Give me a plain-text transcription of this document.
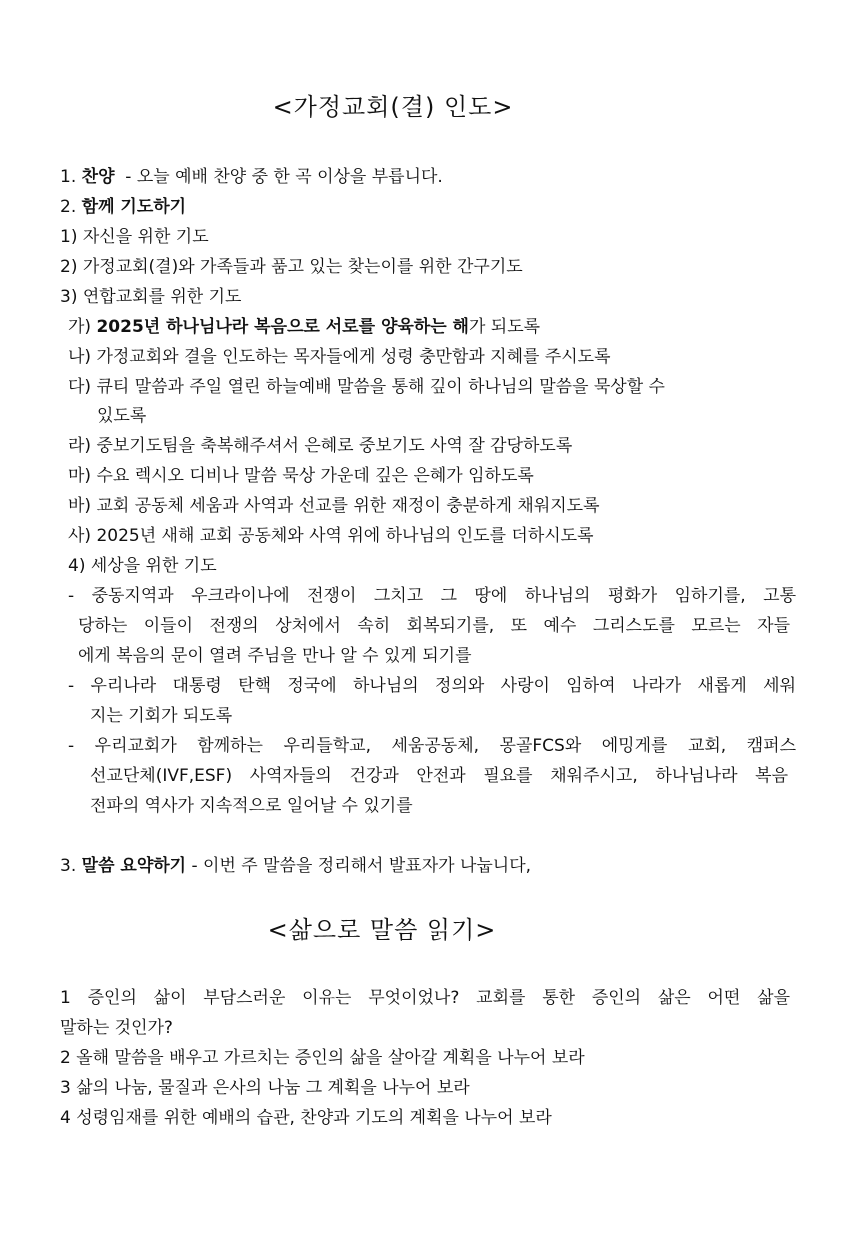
<가정교회(결) 인도>

1. 찬양  - 오늘 예배 찬양 중 한 곡 이상을 부릅니다.

2. 함께 기도하기

1) 자신을 위한 기도

2) 가정교회(결)와 가족들과 품고 있는 찾는이를 위한 간구기도

3) 연합교회를 위한 기도

가) 2025년 하나님나라 복음으로 서로를 양육하는 해가 되도록

나) 가정교회와 결을 인도하는 목자들에게 성령 충만함과 지혜를 주시도록

다) 큐티 말씀과 주일 열린 하늘예배 말씀을 통해 깊이 하나님의 말씀을 묵상할 수

있도록

라) 중보기도팀을 축복해주셔서 은혜로 중보기도 사역 잘 감당하도록

마) 수요 렉시오 디비나 말씀 묵상 가운데 깊은 은혜가 임하도록

바) 교회 공동체 세움과 사역과 선교를 위한 재정이 충분하게 채워지도록

사) 2025년 새해 교회 공동체와 사역 위에 하나님의 인도를 더하시도록

4) 세상을 위한 기도

- 중동지역과 우크라이나에 전쟁이 그치고 그 땅에 하나님의 평화가 임하기를, 고통

당하는 이들이 전쟁의 상처에서 속히 회복되기를, 또 예수 그리스도를 모르는 자들

에게 복음의 문이 열려 주님을 만나 알 수 있게 되기를

- 우리나라 대통령 탄핵 정국에 하나님의 정의와 사랑이 임하여 나라가 새롭게 세워

지는 기회가 되도록

- 우리교회가 함께하는 우리들학교, 세움공동체, 몽골FCS와 에밍게를 교회, 캠퍼스

선교단체(IVF,ESF) 사역자들의 건강과 안전과 필요를 채워주시고, 하나님나라 복음

전파의 역사가 지속적으로 일어날 수 있기를

3. 말씀 요약하기 - 이번 주 말씀을 정리해서 발표자가 나눕니다,

<삶으로 말씀 읽기>

1 증인의 삶이 부담스러운 이유는 무엇이었나? 교회를 통한 증인의 삶은 어떤 삶을

말하는 것인가?

2 올해 말씀을 배우고 가르치는 증인의 삶을 살아갈 계획을 나누어 보라

3 삶의 나눔, 물질과 은사의 나눔 그 계획을 나누어 보라

4 성령임재를 위한 예배의 습관, 찬양과 기도의 계획을 나누어 보라
